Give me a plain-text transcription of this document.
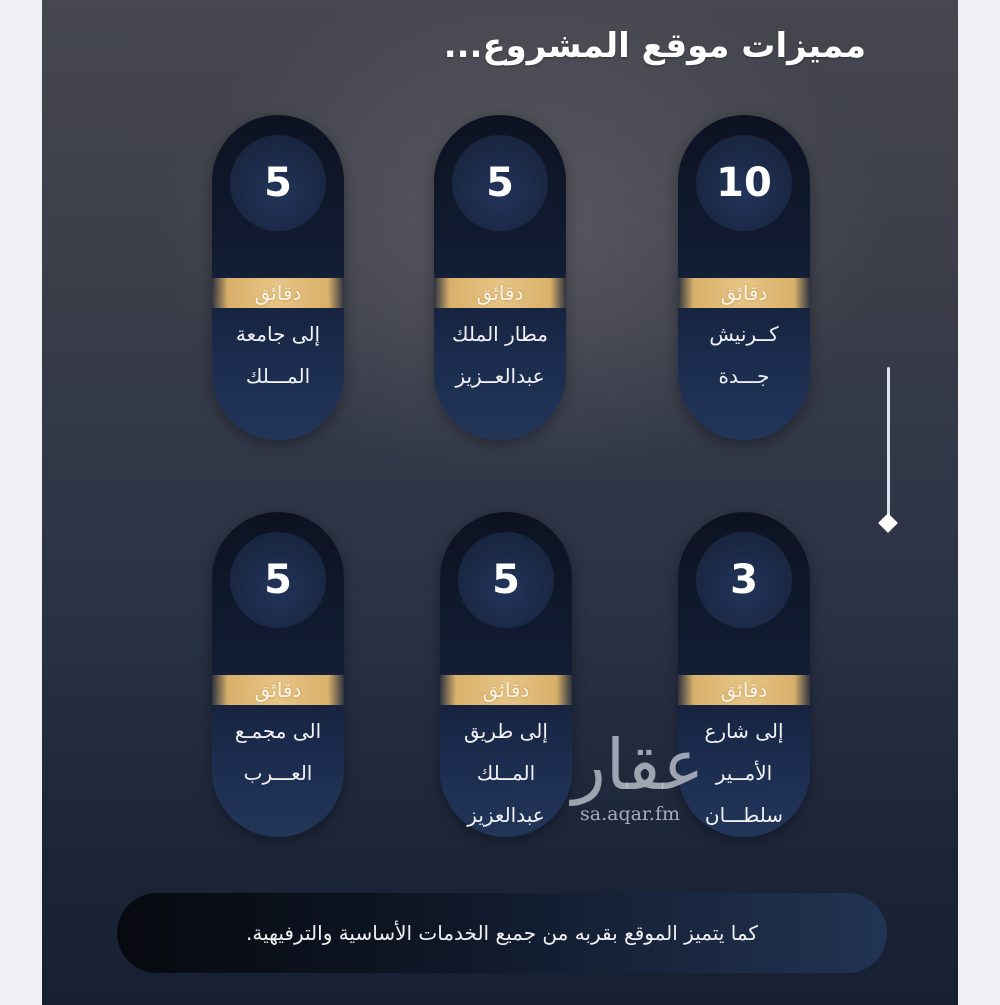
مميزات موقع المشروع...
10
دقائق
كــرنيش
جـــدة
5
دقائق
مطار الملك
عبدالعــزيز
5
دقائق
إلى جامعة
المـــلك
3
دقائق
إلى شارع
الأمــير
سلطـــان
5
دقائق
إلى طريق
المــلك
عبدالعزيز
5
دقائق
الى مجمـع
العـــرب	عقار
sa.aqar.fm
كما يتميز الموقع بقربه من جميع الخدمات الأساسية والترفيهية.
